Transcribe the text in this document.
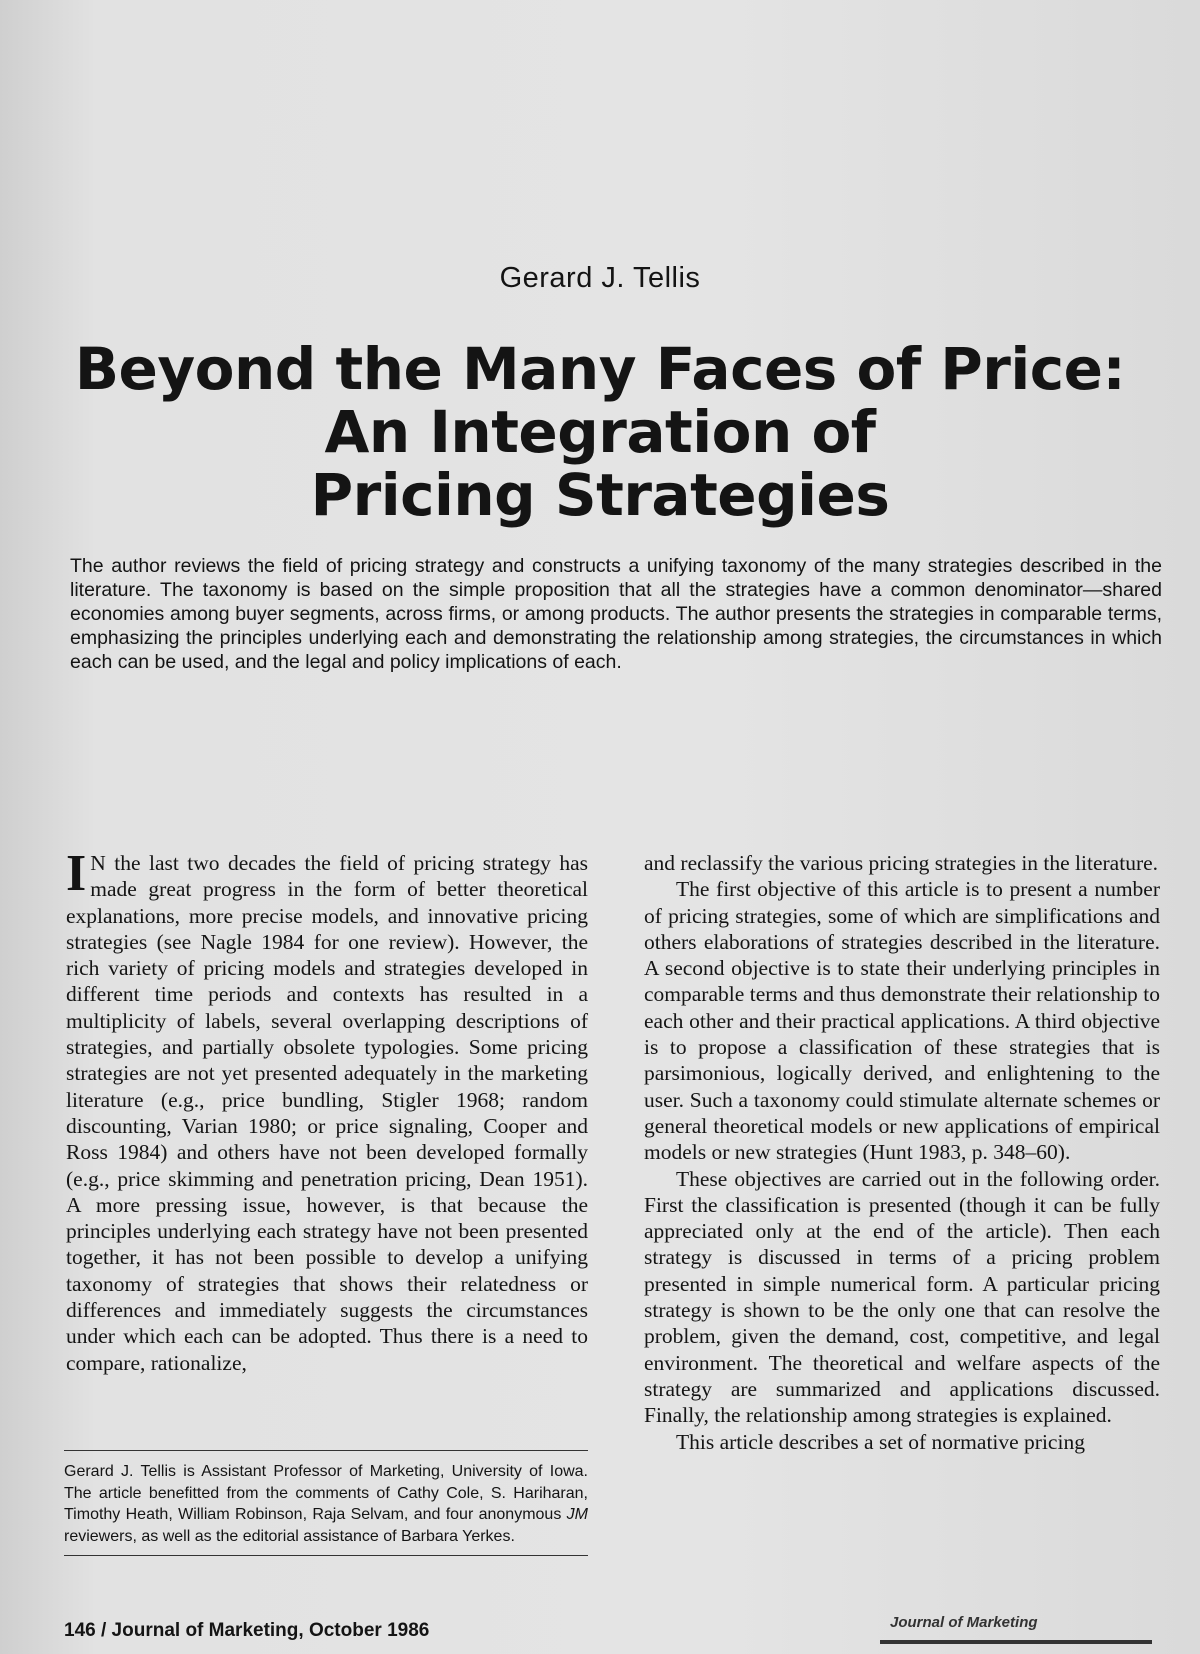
Gerard J. Tellis
Beyond the Many Faces of Price:
An Integration of
Pricing Strategies

The author reviews the field of pricing strategy and constructs a unifying taxonomy of the many strategies described in the literature. The taxonomy is based on the simple proposition that all the strategies have a common denominator—shared economies among buyer segments, across firms, or among products. The author presents the strategies in comparable terms, emphasizing the principles underlying each and demonstrating the relationship among strategies, the circumstances in which each can be used, and the legal and policy implications of each.

I N the last two decades the field of pricing strategy has made great progress in the form of better theoretical explanations, more precise models, and innovative pricing strategies (see Nagle 1984 for one review). However, the rich variety of pricing models and strategies developed in different time periods and contexts has resulted in a multiplicity of labels, several overlapping descriptions of strategies, and partially obsolete typologies. Some pricing strategies are not yet presented adequately in the marketing literature (e.g., price bundling, Stigler 1968; random discounting, Varian 1980; or price signaling, Cooper and Ross 1984) and others have not been developed formally (e.g., price skimming and penetration pricing, Dean 1951). A more pressing issue, however, is that because the principles underlying each strategy have not been presented together, it has not been possible to develop a unifying taxonomy of strategies that shows their relatedness or differences and immediately suggests the circumstances under which each can be adopted. Thus there is a need to compare, rationalize,

and reclassify the various pricing strategies in the literature.

The first objective of this article is to present a number of pricing strategies, some of which are simplifications and others elaborations of strategies described in the literature. A second objective is to state their underlying principles in comparable terms and thus demonstrate their relationship to each other and their practical applications. A third objective is to propose a classification of these strategies that is parsimonious, logically derived, and enlightening to the user. Such a taxonomy could stimulate alternate schemes or general theoretical models or new applications of empirical models or new strategies (Hunt 1983, p. 348–60).

These objectives are carried out in the following order. First the classification is presented (though it can be fully appreciated only at the end of the article). Then each strategy is discussed in terms of a pricing problem presented in simple numerical form. A particular pricing strategy is shown to be the only one that can resolve the problem, given the demand, cost, competitive, and legal environment. The theoretical and welfare aspects of the strategy are summarized and applications discussed. Finally, the relationship among strategies is explained.

This article describes a set of normative pricing

Gerard J. Tellis is Assistant Professor of Marketing, University of Iowa. The article benefitted from the comments of Cathy Cole, S. Hariharan, Timothy Heath, William Robinson, Raja Selvam, and four anonymous JM reviewers, as well as the editorial assistance of Barbara Yerkes.
146 / Journal of Marketing, October 1986	Journal of Marketing
